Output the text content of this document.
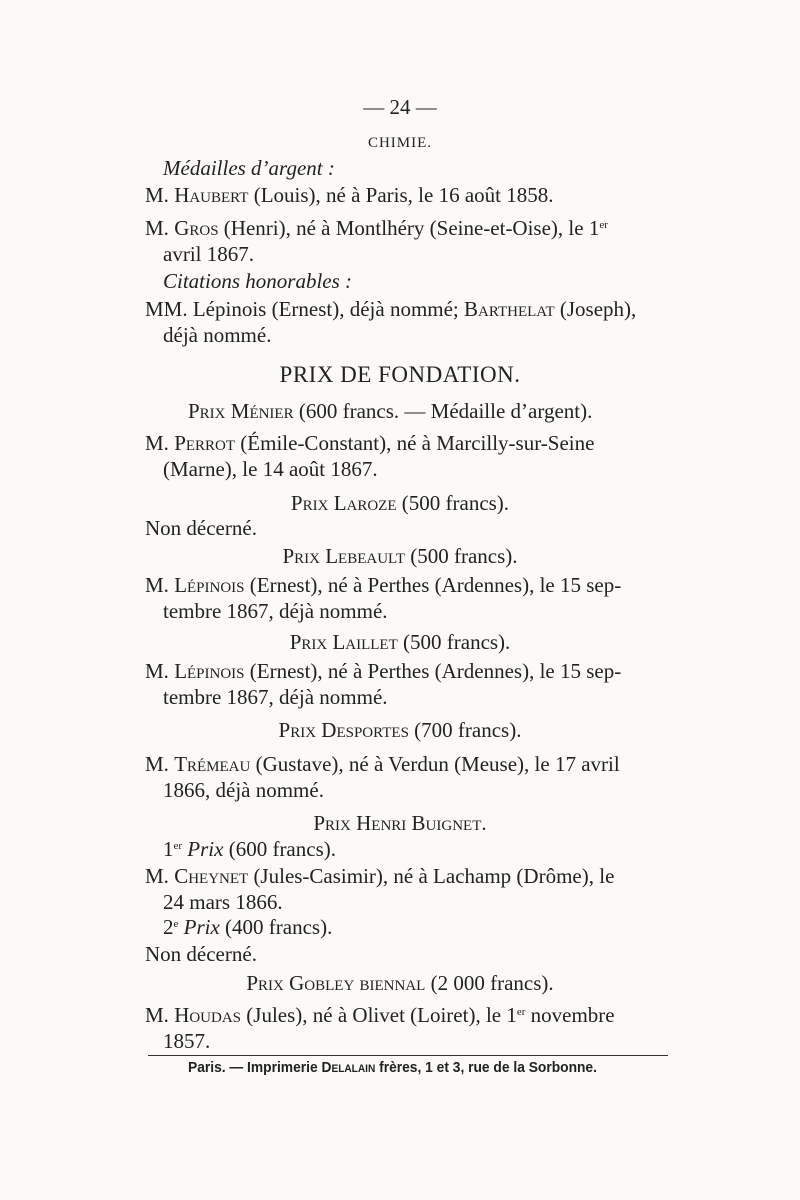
— 24 —
CHIMIE.
Médailles d’argent :
M. Haubert (Louis), né à Paris, le 16 août 1858.
M. Gros (Henri), né à Montlhéry (Seine-et-Oise), le 1er
avril 1867.
Citations honorables :
MM. Lépinois (Ernest), déjà nommé; Barthelat (Joseph),
déjà nommé.
PRIX DE FONDATION.
Prix Ménier (600 francs. — Médaille d’argent).
M. Perrot (Émile-Constant), né à Marcilly-sur-Seine
(Marne), le 14 août 1867.
Prix Laroze (500 francs).
Non décerné.
Prix Lebeault (500 francs).
M. Lépinois (Ernest), né à Perthes (Ardennes), le 15 sep-
tembre 1867, déjà nommé.
Prix Laillet (500 francs).
M. Lépinois (Ernest), né à Perthes (Ardennes), le 15 sep-
tembre 1867, déjà nommé.
Prix Desportes (700 francs).
M. Trémeau (Gustave), né à Verdun (Meuse), le 17 avril
1866, déjà nommé.
Prix Henri Buignet.
1er Prix (600 francs).
M. Cheynet (Jules-Casimir), né à Lachamp (Drôme), le
24 mars 1866.
2e Prix (400 francs).
Non décerné.
Prix Gobley biennal (2 000 francs).
M. Houdas (Jules), né à Olivet (Loiret), le 1er novembre
1857.
Paris. — Imprimerie Delalain frères, 1 et 3, rue de la Sorbonne.
